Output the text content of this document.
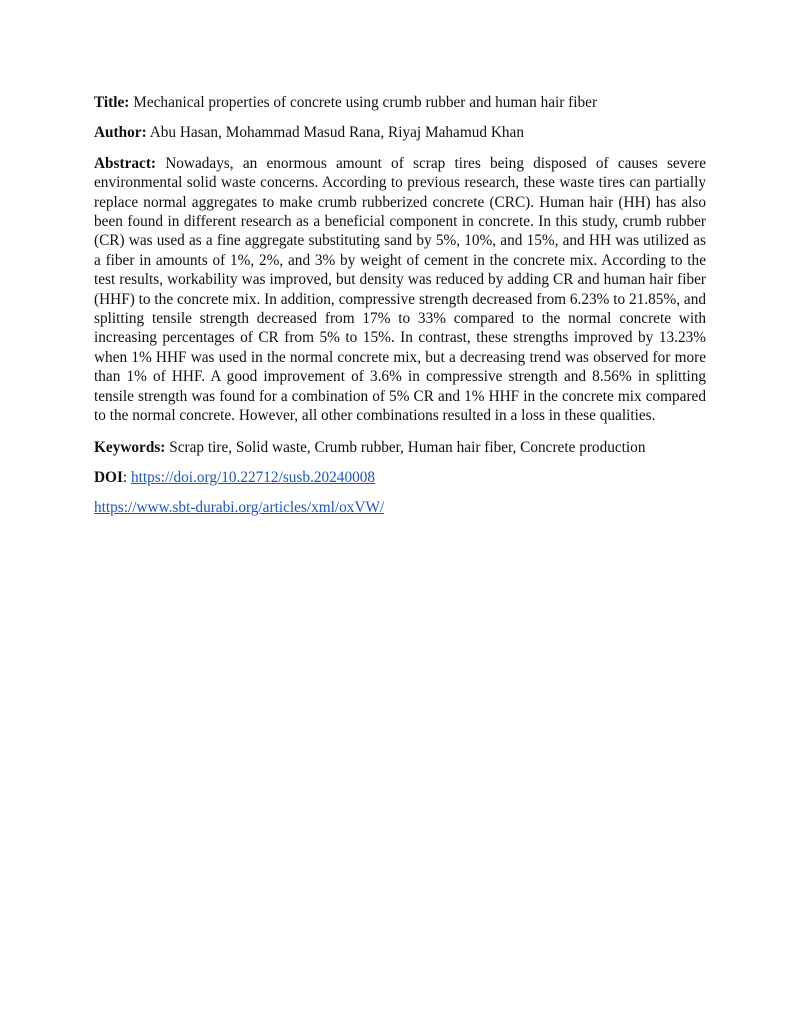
Title: Mechanical properties of concrete using crumb rubber and human hair fiber

Author: Abu Hasan, Mohammad Masud Rana, Riyaj Mahamud Khan

Abstract: Nowadays, an enormous amount of scrap tires being disposed of causes severe environmental solid waste concerns. According to previous research, these waste tires can partially replace normal aggregates to make crumb rubberized concrete (CRC). Human hair (HH) has also been found in different research as a beneficial component in concrete. In this study, crumb rubber (CR) was used as a fine aggregate substituting sand by 5%, 10%, and 15%, and HH was utilized as a fiber in amounts of 1%, 2%, and 3% by weight of cement in the concrete mix. According to the test results, workability was improved, but density was reduced by adding CR and human hair fiber (HHF) to the concrete mix. In addition, compressive strength decreased from 6.23% to 21.85%, and splitting tensile strength decreased from 17% to 33% compared to the normal concrete with increasing percentages of CR from 5% to 15%. In contrast, these strengths improved by 13.23% when 1% HHF was used in the normal concrete mix, but a decreasing trend was observed for more than 1% of HHF. A good improvement of 3.6% in compressive strength and 8.56% in splitting tensile strength was found for a combination of 5% CR and 1% HHF in the concrete mix compared to the normal concrete. However, all other combinations resulted in a loss in these qualities.

Keywords: Scrap tire, Solid waste, Crumb rubber, Human hair fiber, Concrete production

DOI: https://doi.org/10.22712/susb.20240008

https://www.sbt-durabi.org/articles/xml/oxVW/
